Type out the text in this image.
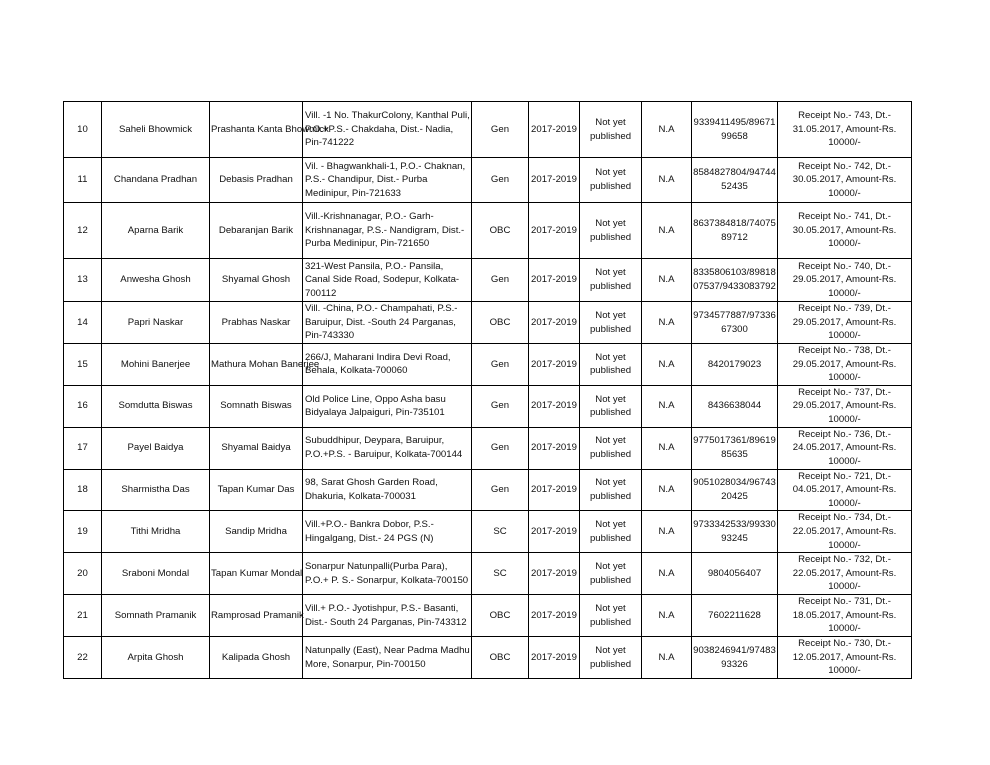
10	Saheli Bhowmick	Prashanta Kanta Bhowmick	Vill. -1 No. ThakurColony, Kanthal Puli, P.O.+P.S.- Chakdaha, Dist.- Nadia, Pin-741222	Gen	2017-2019	Not yet published	N.A	9339411495/8967199658	Receipt No.- 743, Dt.- 31.05.2017, Amount-Rs. 10000/-
11	Chandana Pradhan	Debasis Pradhan	Vil. - Bhagwankhali-1, P.O.- Chaknan, P.S.- Chandipur, Dist.- Purba Medinipur, Pin-721633	Gen	2017-2019	Not yet published	N.A	8584827804/9474452435	Receipt No.- 742, Dt.- 30.05.2017, Amount-Rs. 10000/-
12	Aparna Barik	Debaranjan Barik	Vill.-Krishnanagar, P.O.- Garh-Krishnanagar, P.S.- Nandigram, Dist.- Purba Medinipur, Pin-721650	OBC	2017-2019	Not yet published	N.A	8637384818/7407589712	Receipt No.- 741, Dt.- 30.05.2017, Amount-Rs. 10000/-
13	Anwesha Ghosh	Shyamal Ghosh	321-West Pansila, P.O.- Pansila, Canal Side Road, Sodepur, Kolkata-700112	Gen	2017-2019	Not yet published	N.A	8335806103/8981807537/9433083792	Receipt No.- 740, Dt.- 29.05.2017, Amount-Rs. 10000/-
14	Papri Naskar	Prabhas Naskar	Vill. -China, P.O.- Champahati, P.S.- Baruipur, Dist. -South 24 Parganas, Pin-743330	OBC	2017-2019	Not yet published	N.A	9734577887/9733667300	Receipt No.- 739, Dt.- 29.05.2017, Amount-Rs. 10000/-
15	Mohini Banerjee	Mathura Mohan Banerjee	266/J, Maharani Indira Devi Road, Behala, Kolkata-700060	Gen	2017-2019	Not yet published	N.A	8420179023	Receipt No.- 738, Dt.- 29.05.2017, Amount-Rs. 10000/-
16	Somdutta Biswas	Somnath Biswas	Old Police Line, Oppo Asha basu Bidyalaya Jalpaiguri, Pin-735101	Gen	2017-2019	Not yet published	N.A	8436638044	Receipt No.- 737, Dt.- 29.05.2017, Amount-Rs. 10000/-
17	Payel Baidya	Shyamal Baidya	Subuddhipur, Deypara, Baruipur, P.O.+P.S. - Baruipur, Kolkata-700144	Gen	2017-2019	Not yet published	N.A	9775017361/8961985635	Receipt No.- 736, Dt.- 24.05.2017, Amount-Rs. 10000/-
18	Sharmistha Das	Tapan Kumar Das	98, Sarat Ghosh Garden Road, Dhakuria, Kolkata-700031	Gen	2017-2019	Not yet published	N.A	9051028034/9674320425	Receipt No.- 721, Dt.- 04.05.2017, Amount-Rs. 10000/-
19	Tithi Mridha	Sandip Mridha	Vill.+P.O.- Bankra Dobor, P.S.- Hingalgang, Dist.- 24 PGS (N)	SC	2017-2019	Not yet published	N.A	9733342533/9933093245	Receipt No.- 734, Dt.- 22.05.2017, Amount-Rs. 10000/-
20	Sraboni Mondal	Tapan Kumar Mondal	Sonarpur Natunpalli(Purba Para), P.O.+ P. S.- Sonarpur, Kolkata-700150	SC	2017-2019	Not yet published	N.A	9804056407	Receipt No.- 732, Dt.- 22.05.2017, Amount-Rs. 10000/-
21	Somnath Pramanik	Ramprosad Pramanik	Vill.+ P.O.- Jyotishpur, P.S.- Basanti, Dist.- South 24 Parganas, Pin-743312	OBC	2017-2019	Not yet published	N.A	7602211628	Receipt No.- 731, Dt.- 18.05.2017, Amount-Rs. 10000/-
22	Arpita Ghosh	Kalipada Ghosh	Natunpally (East), Near Padma Madhu More, Sonarpur, Pin-700150	OBC	2017-2019	Not yet published	N.A	9038246941/9748393326	Receipt No.- 730, Dt.- 12.05.2017, Amount-Rs. 10000/-
